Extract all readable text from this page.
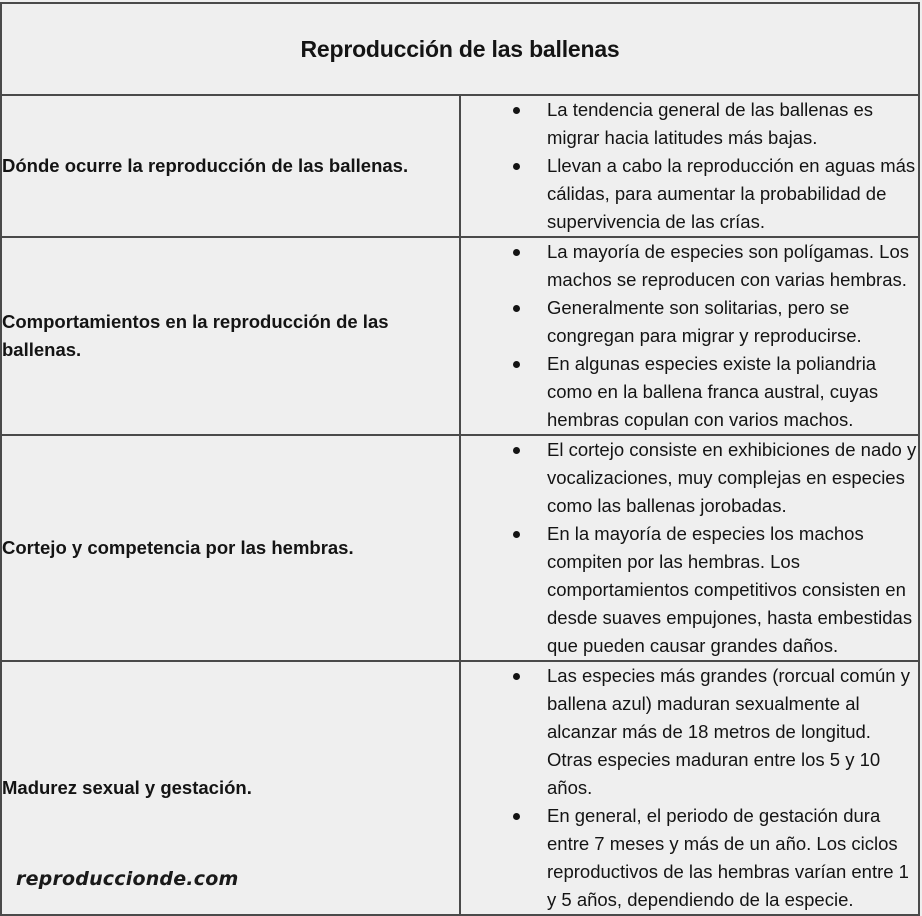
Reproducción de las ballenas	
Dónde ocurre la reproducción de las ballenas.	
La tendencia general de las ballenas es migrar hacia latitudes más bajas.
Llevan a cabo la reproducción en aguas más cálidas, para aumentar la probabilidad de supervivencia de las crías.

Comportamientos en la reproducción de las ballenas.	
La mayoría de especies son polígamas. Los machos se reproducen con varias hembras.
Generalmente son solitarias, pero se congregan para migrar y reproducirse.
En algunas especies existe la poliandria como en la ballena franca austral, cuyas hembras copulan con varios machos.

Cortejo y competencia por las hembras.	
El cortejo consiste en exhibiciones de nado y vocalizaciones, muy complejas en especies como las ballenas jorobadas.
En la mayoría de especies los machos compiten por las hembras. Los comportamientos competitivos consisten en desde suaves empujones, hasta embestidas que pueden causar grandes daños.

Madurez sexual y gestación.	
Las especies más grandes (rorcual común y ballena azul) maduran sexualmente al alcanzar más de 18 metros de longitud. Otras especies maduran entre los 5 y 10 años.
En general, el periodo de gestación dura entre 7 meses y más de un año. Los ciclos reproductivos de las hembras varían entre 1 y 5 años, dependiendo de la especie.
reproduccionde.com
